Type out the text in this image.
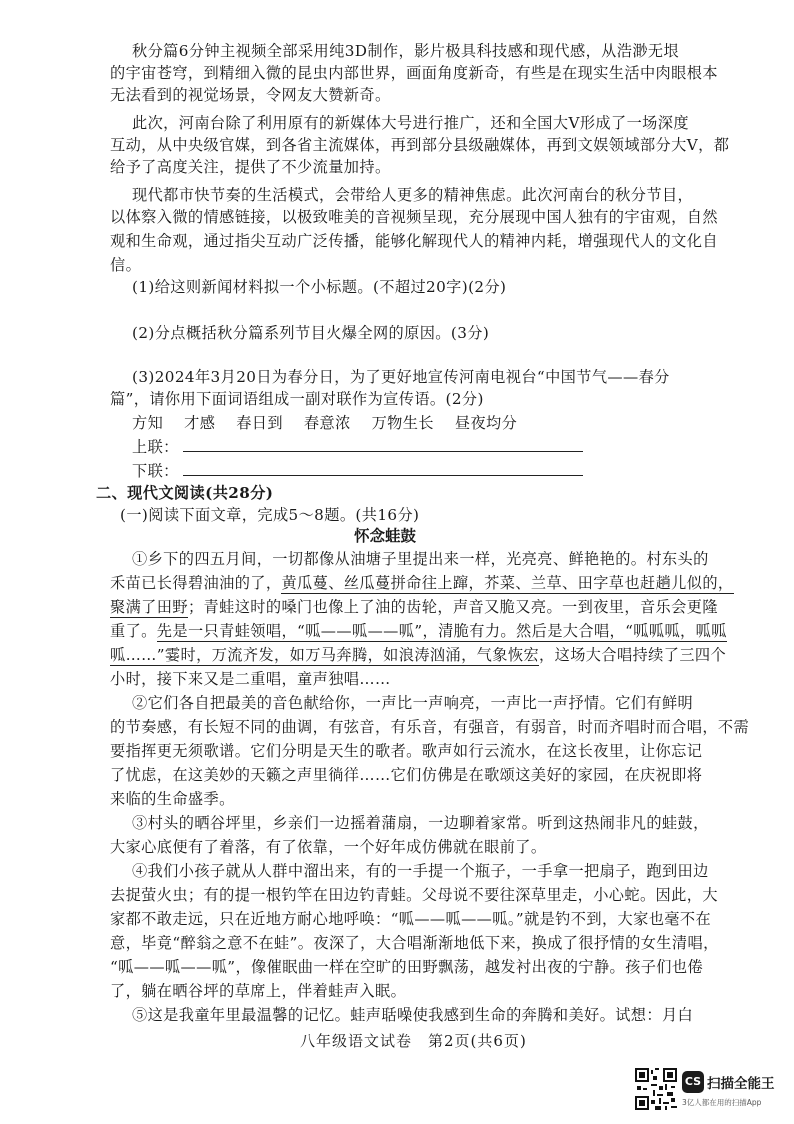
秋分篇6分钟主视频全部采用纯3D制作，影片极具科技感和现代感，从浩渺无垠
的宇宙苍穹，到精细入微的昆虫内部世界，画面角度新奇，有些是在现实生活中肉眼根本
无法看到的视觉场景，令网友大赞新奇。
此次，河南台除了利用原有的新媒体大号进行推广，还和全国大V形成了一场深度
互动，从中央级官媒，到各省主流媒体，再到部分县级融媒体，再到文娱领域部分大V，都
给予了高度关注，提供了不少流量加持。
现代都市快节奏的生活模式，会带给人更多的精神焦虑。此次河南台的秋分节目，
以体察入微的情感链接，以极致唯美的音视频呈现，充分展现中国人独有的宇宙观，自然
观和生命观，通过指尖互动广泛传播，能够化解现代人的精神内耗，增强现代人的文化自
信。
(1)给这则新闻材料拟一个小标题。(不超过20字)(2分)
(2)分点概括秋分篇系列节目火爆全网的原因。(3分)
(3)2024年3月20日为春分日，为了更好地宣传河南电视台“中国节气——春分
篇”，请你用下面词语组成一副对联作为宣传语。(2分)
方知 才感 春日到 春意浓 万物生长 昼夜均分
上联：
下联：
二、现代文阅读(共28分)
(一)阅读下面文章，完成5～8题。(共16分)
怀念蛙鼓
①乡下的四五月间，一切都像从油塘子里提出来一样，光亮亮、鲜艳艳的。村东头的
禾苗已长得碧油油的了，黄瓜蔓、丝瓜蔓拼命往上蹿，芥菜、兰草、田字草也赶趟儿似的，
聚满了田野；青蛙这时的嗓门也像上了油的齿轮，声音又脆又亮。一到夜里，音乐会更隆
重了。先是一只青蛙领唱，“呱——呱——呱”，清脆有力。然后是大合唱，“呱呱呱，呱呱
呱……”霎时，万流齐发，如万马奔腾，如浪涛汹涌，气象恢宏，这场大合唱持续了三四个
小时，接下来又是二重唱，童声独唱……
②它们各自把最美的音色献给你，一声比一声响亮，一声比一声抒情。它们有鲜明
的节奏感，有长短不同的曲调，有弦音，有乐音，有强音，有弱音，时而齐唱时而合唱，不需
要指挥更无须歌谱。它们分明是天生的歌者。歌声如行云流水，在这长夜里，让你忘记
了忧虑，在这美妙的天籁之声里徜徉……它们仿佛是在歌颂这美好的家园，在庆祝即将
来临的生命盛季。
③村头的晒谷坪里，乡亲们一边摇着蒲扇，一边聊着家常。听到这热闹非凡的蛙鼓，
大家心底便有了着落，有了依靠，一个好年成仿佛就在眼前了。
④我们小孩子就从人群中溜出来，有的一手提一个瓶子，一手拿一把扇子，跑到田边
去捉萤火虫；有的提一根钓竿在田边钓青蛙。父母说不要往深草里走，小心蛇。因此，大
家都不敢走远，只在近地方耐心地呼唤：“呱——呱——呱。”就是钓不到，大家也毫不在
意，毕竟“醉翁之意不在蛙”。夜深了，大合唱渐渐地低下来，换成了很抒情的女生清唱，
“呱——呱——呱”，像催眠曲一样在空旷的田野飘荡，越发衬出夜的宁静。孩子们也倦
了，躺在晒谷坪的草席上，伴着蛙声入眠。
⑤这是我童年里最温馨的记忆。蛙声聒噪使我感到生命的奔腾和美好。试想：月白
八年级语文试卷　第2页(共6页)
CS 扫描全能王
3亿人都在用的扫描App
